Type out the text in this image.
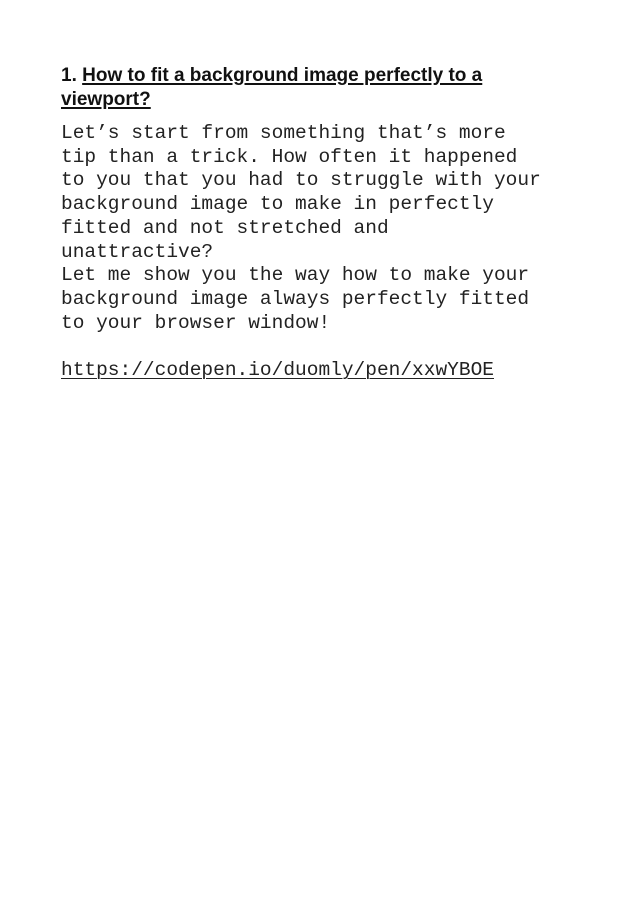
1. How to fit a background image perfectly to a
viewport?

Let’s start from something that’s more
tip than a trick. How often it happened
to you that you had to struggle with your
background image to make in perfectly
fitted and not stretched and
unattractive?
Let me show you the way how to make your
background image always perfectly fitted
to your browser window!

https://codepen.io/duomly/pen/xxwYBOE
